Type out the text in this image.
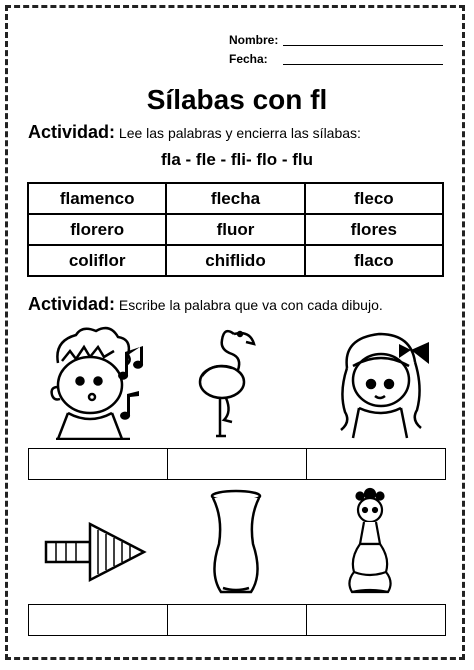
Nombre:
Fecha:
Sílabas con fl
Actividad: Lee las palabras y encierra las sílabas:
fla - fle - fli- flo - flu
flamenco	flecha	fleco
florero	fluor	flores
coliflor	chiflido	flaco
Actividad: Escribe la palabra que va con cada dibujo.
